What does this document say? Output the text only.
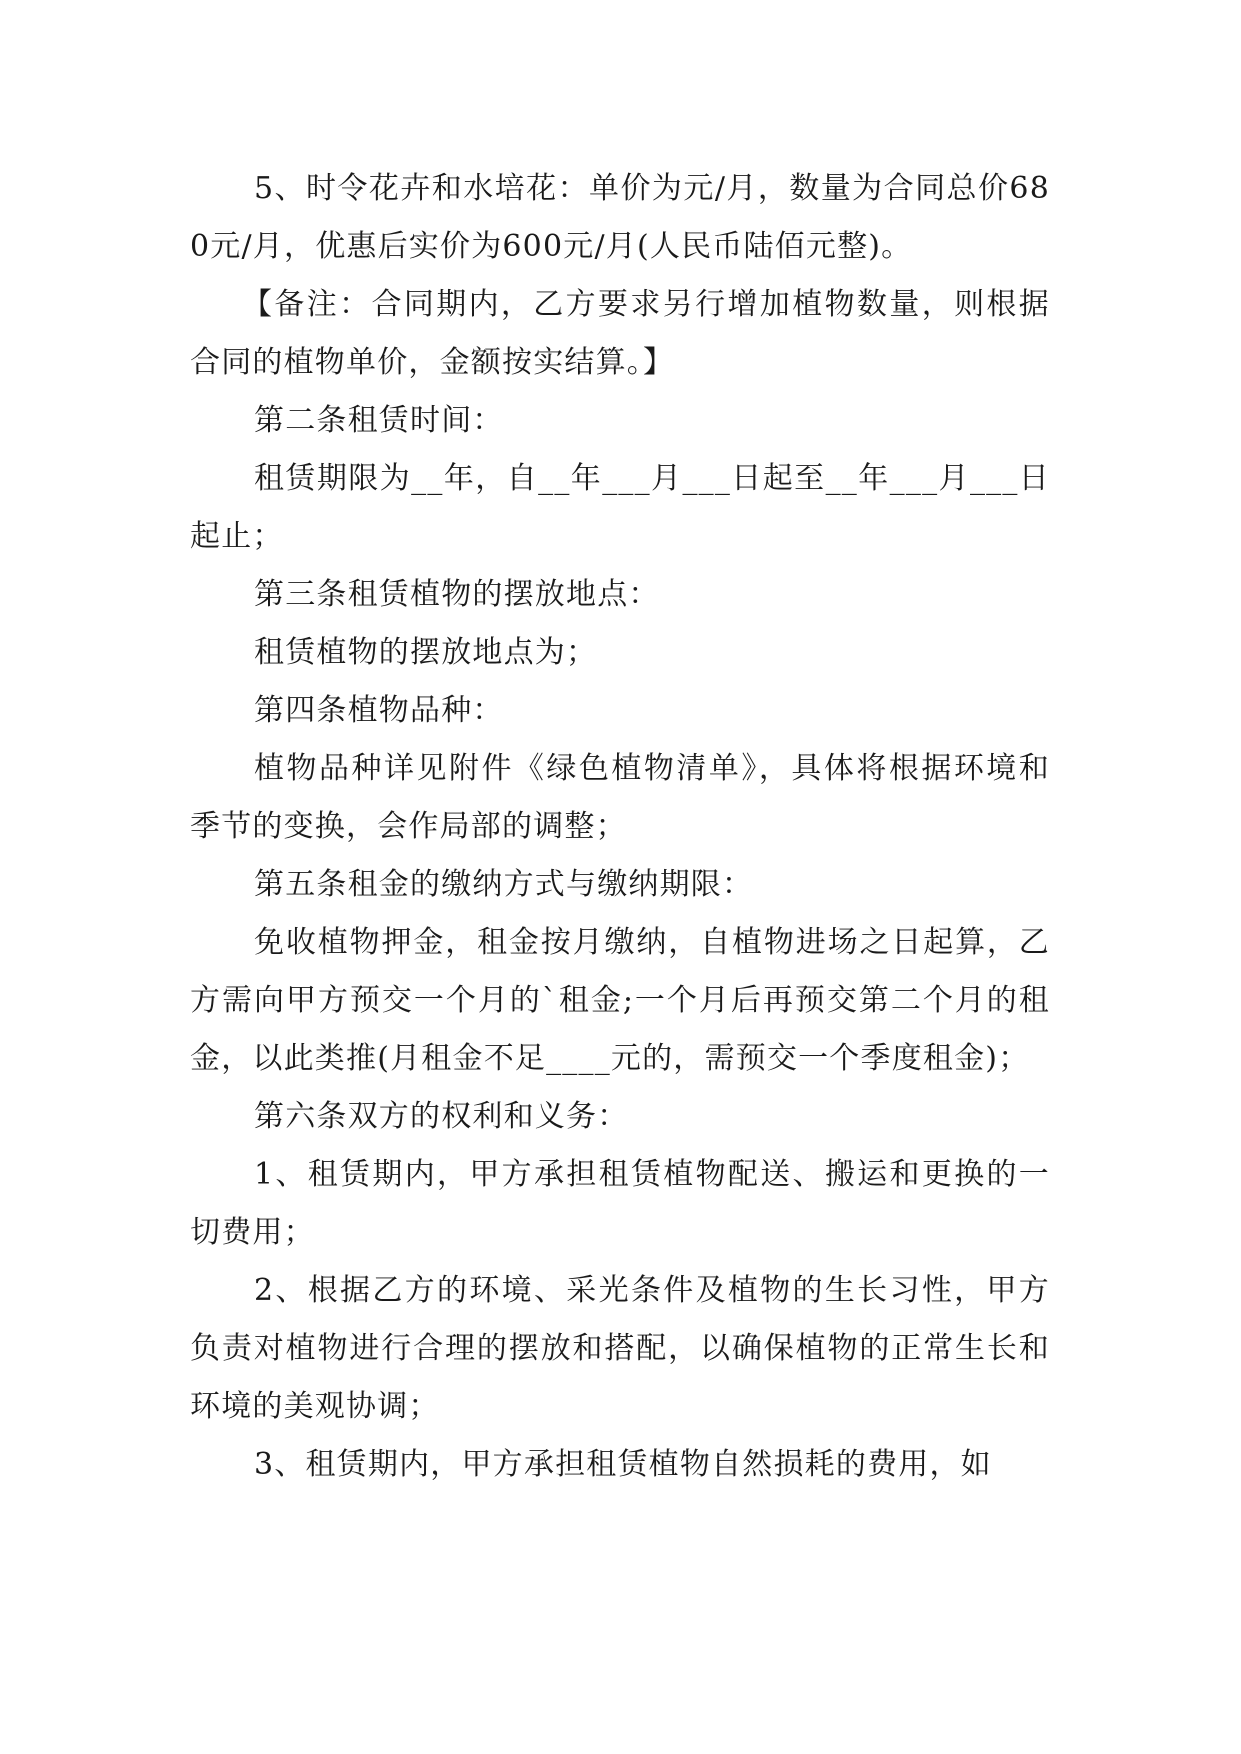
5、时令花卉和水培花：单价为元/月，数量为合同总价680元/月，优惠后实价为600元/月(人民币陆佰元整)。

【备注：合同期内，乙方要求另行增加植物数量，则根据合同的植物单价，金额按实结算。】

第二条租赁时间：

租赁期限为__年，自__年___月___日起至__年___月___日起止；

第三条租赁植物的摆放地点：

租赁植物的摆放地点为；

第四条植物品种：

植物品种详见附件《绿色植物清单》，具体将根据环境和季节的变换，会作局部的调整；

第五条租金的缴纳方式与缴纳期限：

免收植物押金，租金按月缴纳，自植物进场之日起算，乙方需向甲方预交一个月的`租金;一个月后再预交第二个月的租金，以此类推(月租金不足____元的，需预交一个季度租金)；

第六条双方的权利和义务：

1、租赁期内，甲方承担租赁植物配送、搬运和更换的一切费用；

2、根据乙方的环境、采光条件及植物的生长习性，甲方负责对植物进行合理的摆放和搭配，以确保植物的正常生长和环境的美观协调；

3、租赁期内，甲方承担租赁植物自然损耗的费用，如
